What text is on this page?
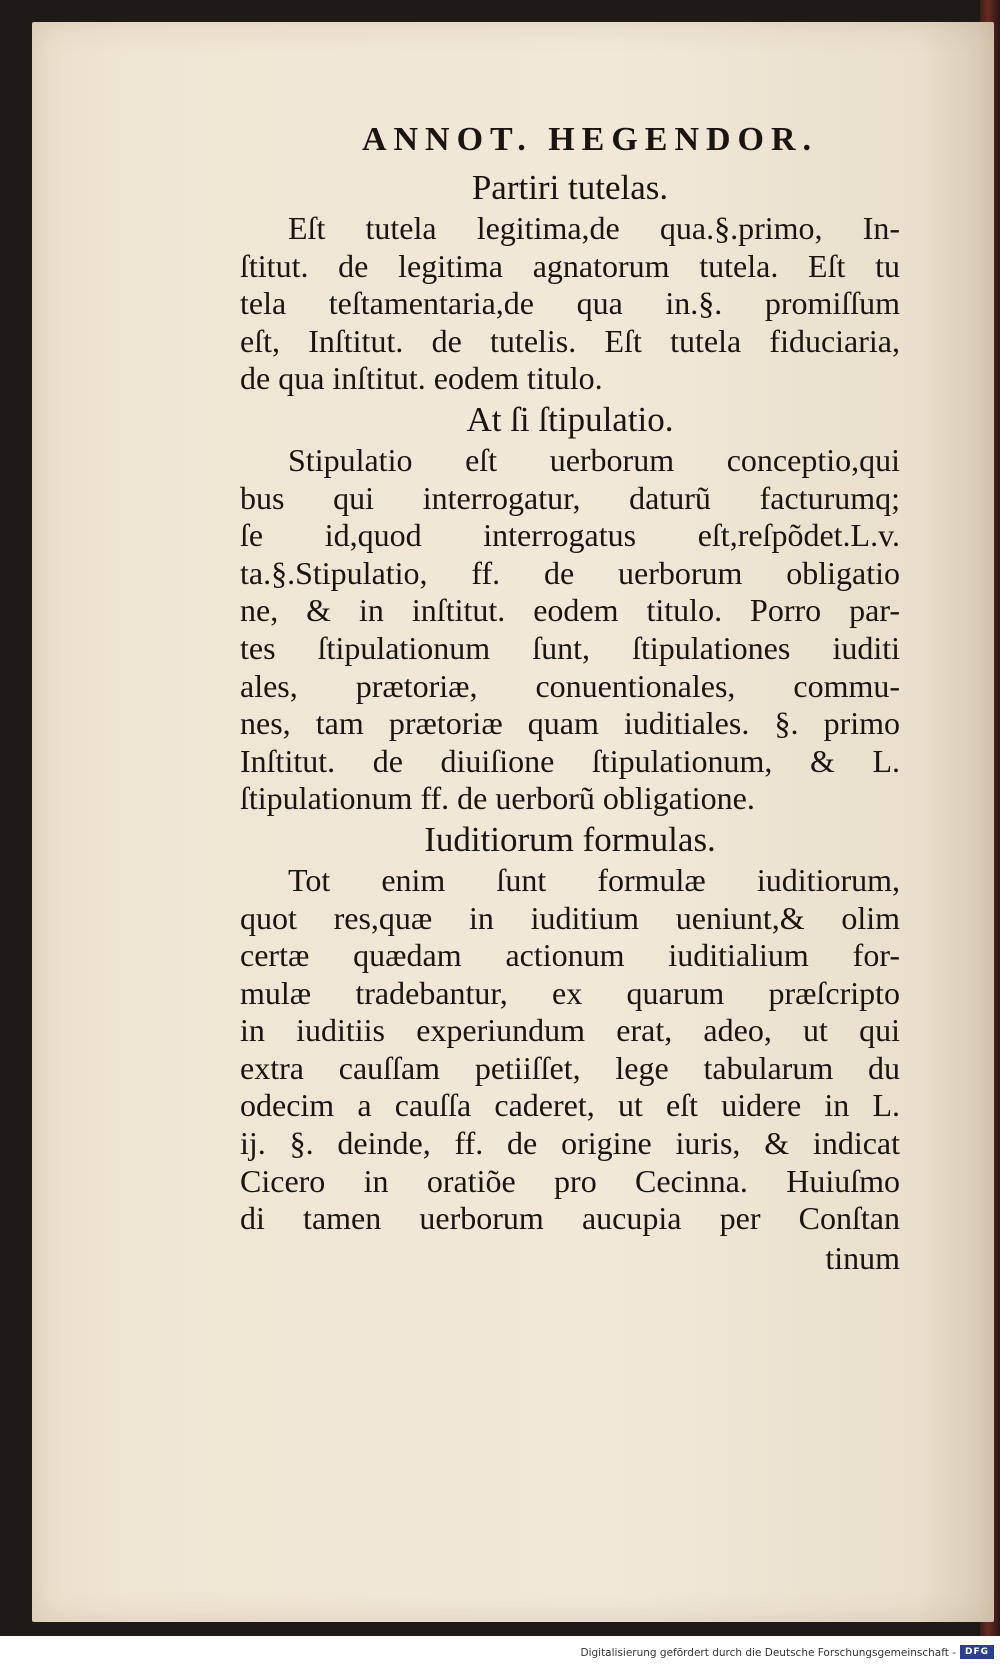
ANNOT. HEGENDOR.
Partiri tutelas.

Eſt tutela legitima,de qua.§.primo, In-
ſtitut. de legitima agnatorum tutela. Eſt tu
tela teſtamentaria,de qua in.§. promiſſum
eſt, Inſtitut. de tutelis. Eſt tutela fiduciaria,
de qua inſtitut. eodem titulo.

At ſi ſtipulatio.

Stipulatio eſt uerborum conceptio,qui
bus qui interrogatur, daturũ facturumq;
ſe id,quod interrogatus eſt,reſpõdet.L.v.
ta.§.Stipulatio, ff. de uerborum obligatio
ne, & in inſtitut. eodem titulo. Porro par-
tes ſtipulationum ſunt, ſtipulationes iuditi
ales, prætoriæ, conuentionales, commu-
nes, tam prætoriæ quam iuditiales. §. primo
Inſtitut. de diuiſione ſtipulationum, & L.
ſtipulationum ff. de uerborũ obligatione.

Iuditiorum formulas.

Tot enim ſunt formulæ iuditiorum,
quot res,quæ in iuditium ueniunt,& olim
certæ quædam actionum iuditialium for-
mulæ tradebantur, ex quarum præſcripto
in iuditiis experiundum erat, adeo, ut qui
extra cauſſam petiiſſet, lege tabularum du
odecim a cauſſa caderet, ut eſt uidere in L.
ij. §. deinde, ff. de origine iuris, & indicat
Cicero in oratiõe pro Cecinna. Huiuſmo
di tamen uerborum aucupia per Conſtan

tinum
Digitalisierung gefördert durch die Deutsche Forschungsgemeinschaft - DFG
